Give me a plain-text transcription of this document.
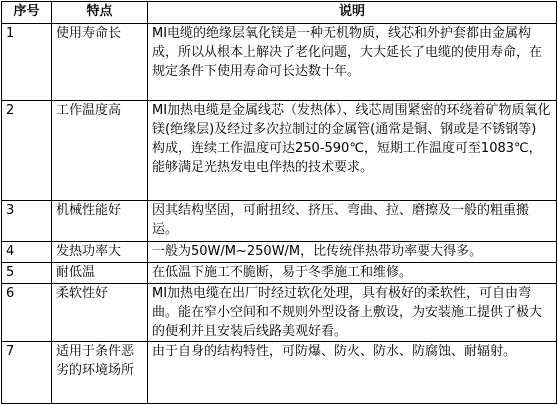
序号	特点	说明
1	使用寿命长	MI电缆的绝缘层氧化镁是一种无机物质，线芯和外护套都由金属构成，所以从根本上解决了老化问题，大大延长了电缆的使用寿命，在规定条件下使用寿命可长达数十年。
2	工作温度高	MI加热电缆是金属线芯（发热体）、线芯周围紧密的环绕着矿物质氧化镁(绝缘层)及经过多次拉制过的金属管(通常是铜、钢或是不锈钢等) 构成，连续工作温度可达250-590℃，短期工作温度可至1083℃，能够满足光热发电电伴热的技术要求。
3	机械性能好	因其结构坚固，可耐扭绞、挤压、弯曲、拉、磨擦及一般的粗重搬运。
4	发热功率大	一般为50W/M~250W/M，比传统伴热带功率要大得多。
5	耐低温	在低温下施工不脆断，易于冬季施工和维修。
6	柔软性好	MI加热电缆在出厂时经过软化处理，具有极好的柔软性，可自由弯曲。能在窄小空间和不规则外型设备上敷设，为安装施工提供了极大的便利并且安装后线路美观好看。
7	适用于条件恶劣的环境场所	由于自身的结构特性，可防爆、防火、防水、防腐蚀、耐辐射。
